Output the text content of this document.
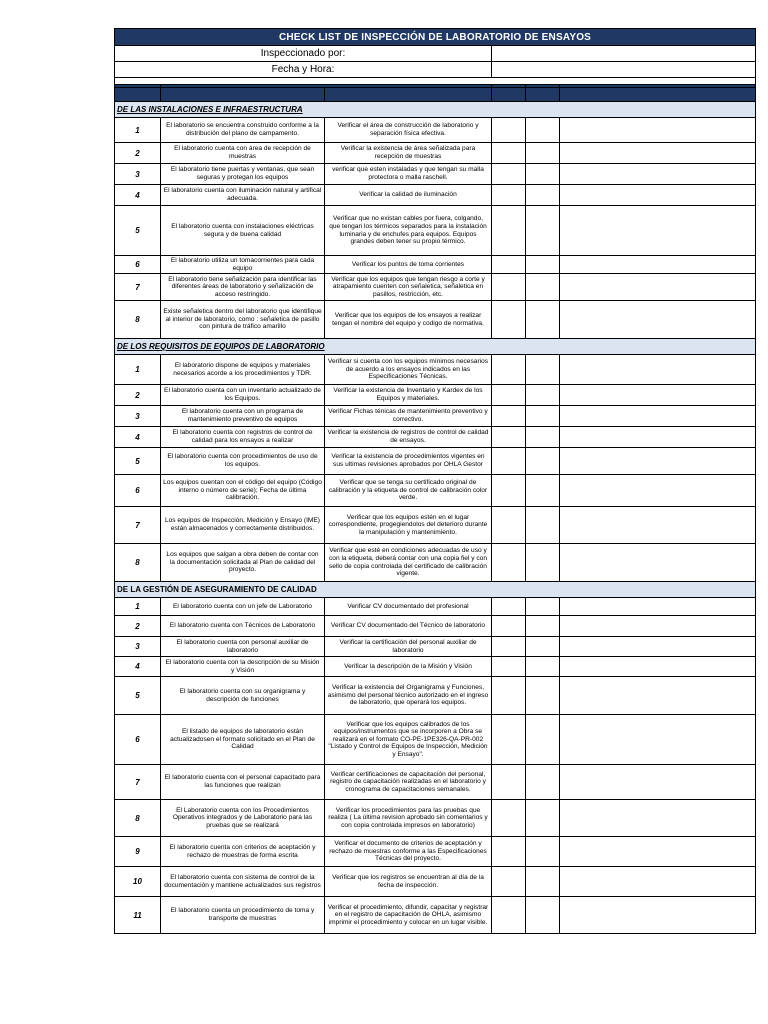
CHECK LIST DE INSPECCIÓN DE LABORATORIO DE ENSAYOS					
Inspeccionado por:					
Fecha y Hora:					

DE LAS INSTALACIONES E INFRAESTRUCTURA					
1	El laboratorio se encuentra construido conforme a la distribución del plano de campamento.	Verificar el área de construcción de laboratorio y separación física efectiva.			
2	El laboratorio cuenta con área de recepción de muestras	Verificar la existencia de área señalizada para recepción de muestras			
3	El laboratorio tiene puertas y ventanas, que sean seguras y protegan los equipos	verificar que esten instaladas y que tengan su malla protectora o malla raschell.			
4	El laboratorio cuenta con iluminación natural y artifical adecuada.	Verificar la calidad de iluminación			
5	El laboratorio cuenta con instalaciones eléctricas segura y de buena calidad	Verificar que no existan cables por fuera, colgando, que tengan los térmicos separados para la instalación luminaria y de enchufes para equipos. Equipos grandes deben tener su propio térmico.			
6	El laboratorio utiliza un tomacorrientes para cada equipo	Verificar los puntos de toma corrientes			
7	El laboratorio tiene señalización para identificar las diferentes áreas de laboratorio y señalización de acceso restringido.	Verificar que los equipos que tengan riesgo a corte y atrapamiento cuenten con señaletica, señaletica en pasillos, restricción, etc.			
8	Existe señaletica dentro del laboratorio que identifique al interior de laboratorio, como : señaletica de pasillo con pintura de tráfico amarillo	Verificar que los equipos de los ensayos a realizar tengan el nombre del equipo y codigo de normativa.			
DE LOS REQUISITOS DE EQUIPOS DE LABORATORIO					
1	El laboratorio dispone de equipos y materiales necesarios acorde a los procedimientos y TDR.	Verificar si cuenta con los equipos mínimos necesarios de acuerdo a los ensayos indicados en las Especificaciones Técnicas.			
2	El laboratorio cuenta con un inventario actualizado de los Equipos.	Verificar la existencia de Inventario y Kardex de los Equipos y materiales.			
3	El laboratorio cuenta con un programa de mantenimiento preventivo de equipos	Verificar Fichas ténicas de mantenimiento preventivo y correctivo.			
4	El laboratorio cuenta con registros de control de calidad para los ensayos a realizar	Verificar la existencia de registros de control de calidad de ensayos.			
5	El laboratorio cuenta con procedimientos de uso de los equipos.	Verificar la existencia de procedimientos vigentes en sus ultimas revisiones aprobados por OHLA Gestor			
6	Los equipos cuentan con el código del equipo (Código interno o número de serie); Fecha de última calibración.	Verificar que se tenga su certificado original de calibración y la etiqueta de control de calibración color verde.			
7	Los equipos de Inspección, Medición y Ensayo (IME) están almacenados y correctamente distribuidos.	Verificar que los equipos estén en el lugar correspondiente, progegiendolos del deterioro durante la manipulación y mantenimiento.			
8	Los equipos que salgan a obra deben de contar con la documentación solicitada al Plan de calidad del proyecto.	Verificar que esté en condiciones adecuadas de uso y con la etiqueta, deberá contar con una copia fiel y con sello de copia controlada del certificado de calibración vigente.			
DE LA GESTIÓN DE ASEGURAMIENTO DE CALIDAD					
1	El laboratorio cuenta con un jefe de Laboratorio	Verificar CV documentado del profesional			
2	El laboratorio cuenta con Técnicos de Laboratorio	Verificar CV documentado del Técnico de laboratorio			
3	El laboratorio cuenta con personal auxiliar de laboratorio	Verificar la certificación del personal auxiliar de laboratorio			
4	El laboratorio cuenta con la descripción de su Misión y Visión	Verificar la descripción de la Misión y Visión			
5	El laboratorio cuenta con su organigrama y descripción de funciones	Verificar la existencia del Organigrama y Funciones, asimismo del personal técnico autorizado en el ingreso de laboratorio, que operará los equipos.			
6	El listado de equipos de laboratorio están actualizadosen el formato solicitado en el Plan de Calidad	Verificar que los equipos calibrados de los equipos/instrumentos que se incorporen a Obra se realizará en el formato CO-PE-1PE326-QA-PR-002 "Listado y Control de Equipos de Inspección, Medición y Ensayo".			
7	El laboratorio cuenta con el personal capacitado para las funciones que realizan	Verificar certificaciones de capacitación del personal, registro de capacitación realizadas en el laboratorio y cronograma de capacitaciones semanales.			
8	El Laboratorio cuenta con los Procedimientos Operativos integrados y de Laboratorio para las pruebas que se realizará	Verificar los procedimientos para las pruebas que realiza ( La última revision aprobado sin comentarios y con copia controlada impresos en laboratorio)			
9	El laboratorio cuenta con criterios de aceptación y rechazo de muestras de forma escrita	Verificar el documento de criterios de aceptación y rechazo de muestras conforme a las Especificaciones Técnicas del proyecto.			
10	El laboratorio cuenta con sistema de control de la documentación y mantiene actualizados sus registros	Verificar que los registros se encuentran al día de la fecha de inspección.			
11	El laboratorio cuenta un procedimiento de toma y transporte de muestras	Verificar el procedimiento, difundir, capacitar y registrar en el registro de capacitación de OHLA, asimismo imprimir el procedimiento y colocar en un lugar visible.			
